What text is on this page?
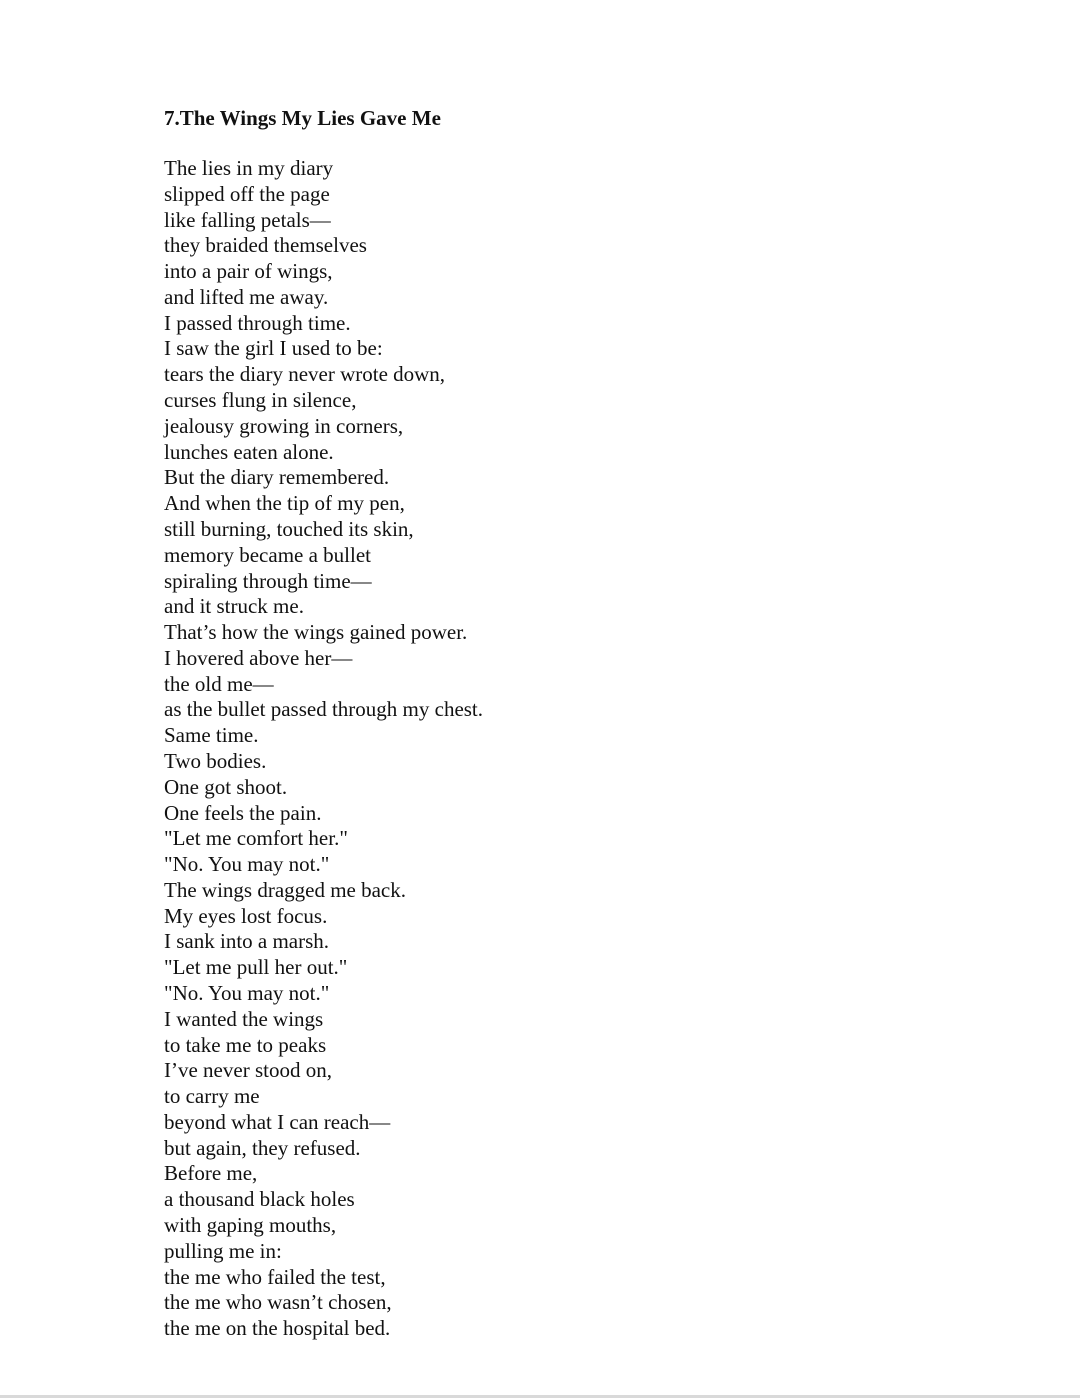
7.The Wings My Lies Gave Me
The lies in my diary
slipped off the page
like falling petals—
they braided themselves
into a pair of wings,
and lifted me away.
I passed through time.
I saw the girl I used to be:
tears the diary never wrote down,
curses flung in silence,
jealousy growing in corners,
lunches eaten alone.
But the diary remembered.
And when the tip of my pen,
still burning, touched its skin,
memory became a bullet
spiraling through time—
and it struck me.
That’s how the wings gained power.
I hovered above her—
the old me—
as the bullet passed through my chest.
Same time.
Two bodies.
One got shoot.
One feels the pain.
"Let me comfort her."
"No. You may not."
The wings dragged me back.
My eyes lost focus.
I sank into a marsh.
"Let me pull her out."
"No. You may not."
I wanted the wings
to take me to peaks
I’ve never stood on,
to carry me
beyond what I can reach—
but again, they refused.
Before me,
a thousand black holes
with gaping mouths,
pulling me in:
the me who failed the test,
the me who wasn’t chosen,
the me on the hospital bed.
